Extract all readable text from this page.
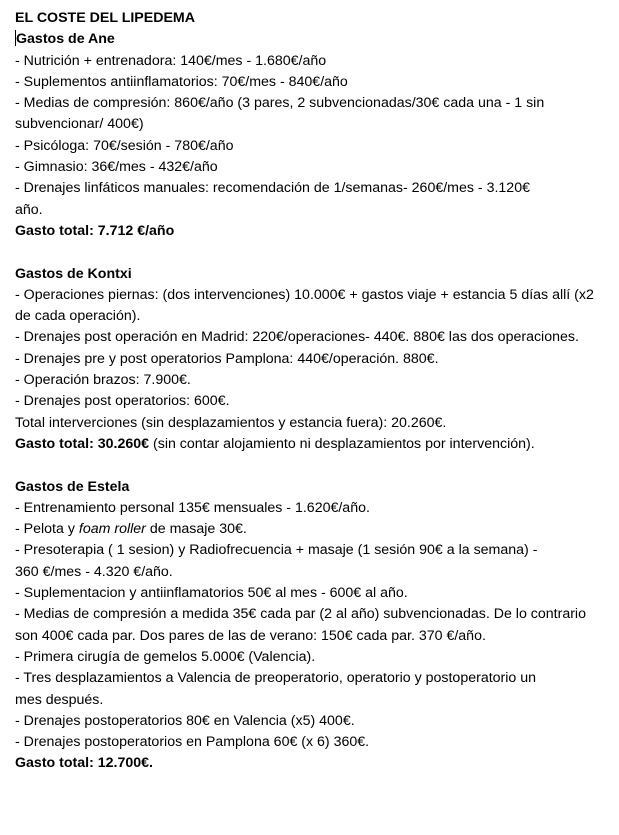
EL COSTE DEL LIPEDEMA
Gastos de Ane
- Nutrición + entrenadora: 140€/mes - 1.680€/año
- Suplementos antiinflamatorios: 70€/mes - 840€/año
- Medias de compresión: 860€/año (3 pares, 2 subvencionadas/30€ cada una - 1 sin subvencionar/ 400€)
- Psicóloga: 70€/sesión - 780€/año
- Gimnasio: 36€/mes - 432€/año
- Drenajes linfáticos manuales: recomendación de 1/semanas- 260€/mes - 3.120€ año.
Gasto total: 7.712 €/año
Gastos de Kontxi
- Operaciones piernas: (dos intervenciones) 10.000€ + gastos viaje + estancia 5 días allí (x2 de cada operación).
- Drenajes post operación en Madrid: 220€/operaciones- 440€. 880€ las dos operaciones.
- Drenajes pre y post operatorios Pamplona: 440€/operación. 880€.
- Operación brazos: 7.900€.
- Drenajes post operatorios: 600€.
Total interverciones (sin desplazamientos y estancia fuera): 20.260€.
Gasto total: 30.260€ (sin contar alojamiento ni desplazamientos por intervención).
Gastos de Estela
- Entrenamiento personal 135€ mensuales - 1.620€/año.
- Pelota y foam roller de masaje 30€.
- Presoterapia ( 1 sesion) y Radiofrecuencia + masaje (1 sesión 90€ a la semana) - 360 €/mes - 4.320 €/año.
- Suplementacion y antiinflamatorios 50€ al mes - 600€ al año.
- Medias de compresión a medida 35€ cada par (2 al año) subvencionadas. De lo contrario son 400€ cada par. Dos pares de las de verano: 150€ cada par. 370 €/año.
- Primera cirugía de gemelos 5.000€ (Valencia).
- Tres desplazamientos a Valencia de preoperatorio, operatorio y postoperatorio un mes después.
- Drenajes postoperatorios 80€ en Valencia (x5) 400€.
- Drenajes postoperatorios en Pamplona 60€ (x 6) 360€.
Gasto total: 12.700€.
